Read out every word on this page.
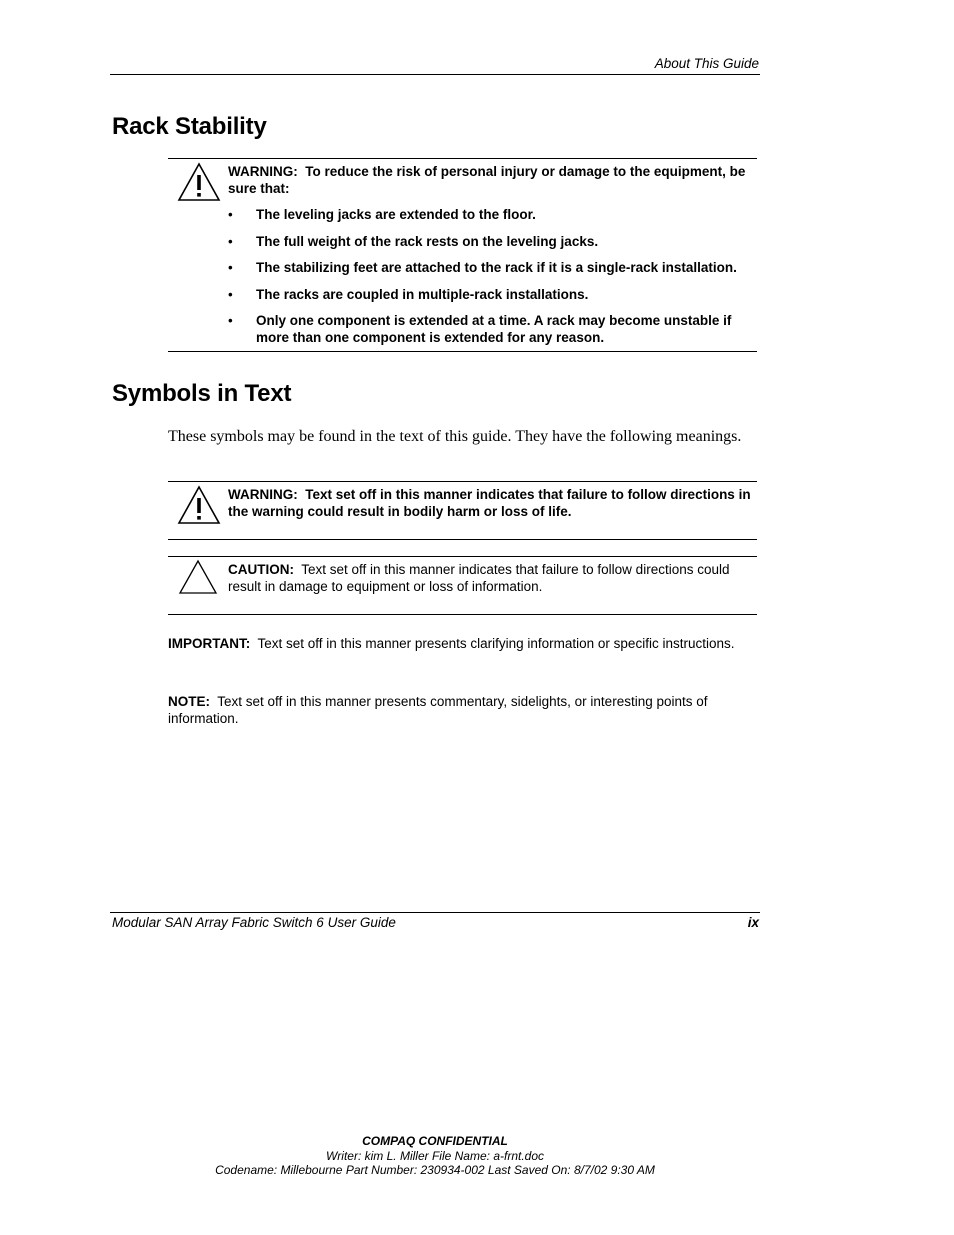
About This Guide
Rack Stability
WARNING: To reduce the risk of personal injury or damage to the equipment, be sure that:
• The leveling jacks are extended to the floor.
• The full weight of the rack rests on the leveling jacks.
• The stabilizing feet are attached to the rack if it is a single-rack installation.
• The racks are coupled in multiple-rack installations.
• Only one component is extended at a time. A rack may become unstable if more than one component is extended for any reason.
Symbols in Text
These symbols may be found in the text of this guide. They have the following meanings.
WARNING: Text set off in this manner indicates that failure to follow directions in the warning could result in bodily harm or loss of life.
CAUTION: Text set off in this manner indicates that failure to follow directions could result in damage to equipment or loss of information.
IMPORTANT: Text set off in this manner presents clarifying information or specific instructions.
NOTE: Text set off in this manner presents commentary, sidelights, or interesting points of information.
Modular SAN Array Fabric Switch 6 User Guide	ix
COMPAQ CONFIDENTIAL
Writer: kim L. Miller File Name: a-frnt.doc
Codename: Millebourne Part Number: 230934-002 Last Saved On: 8/7/02 9:30 AM
